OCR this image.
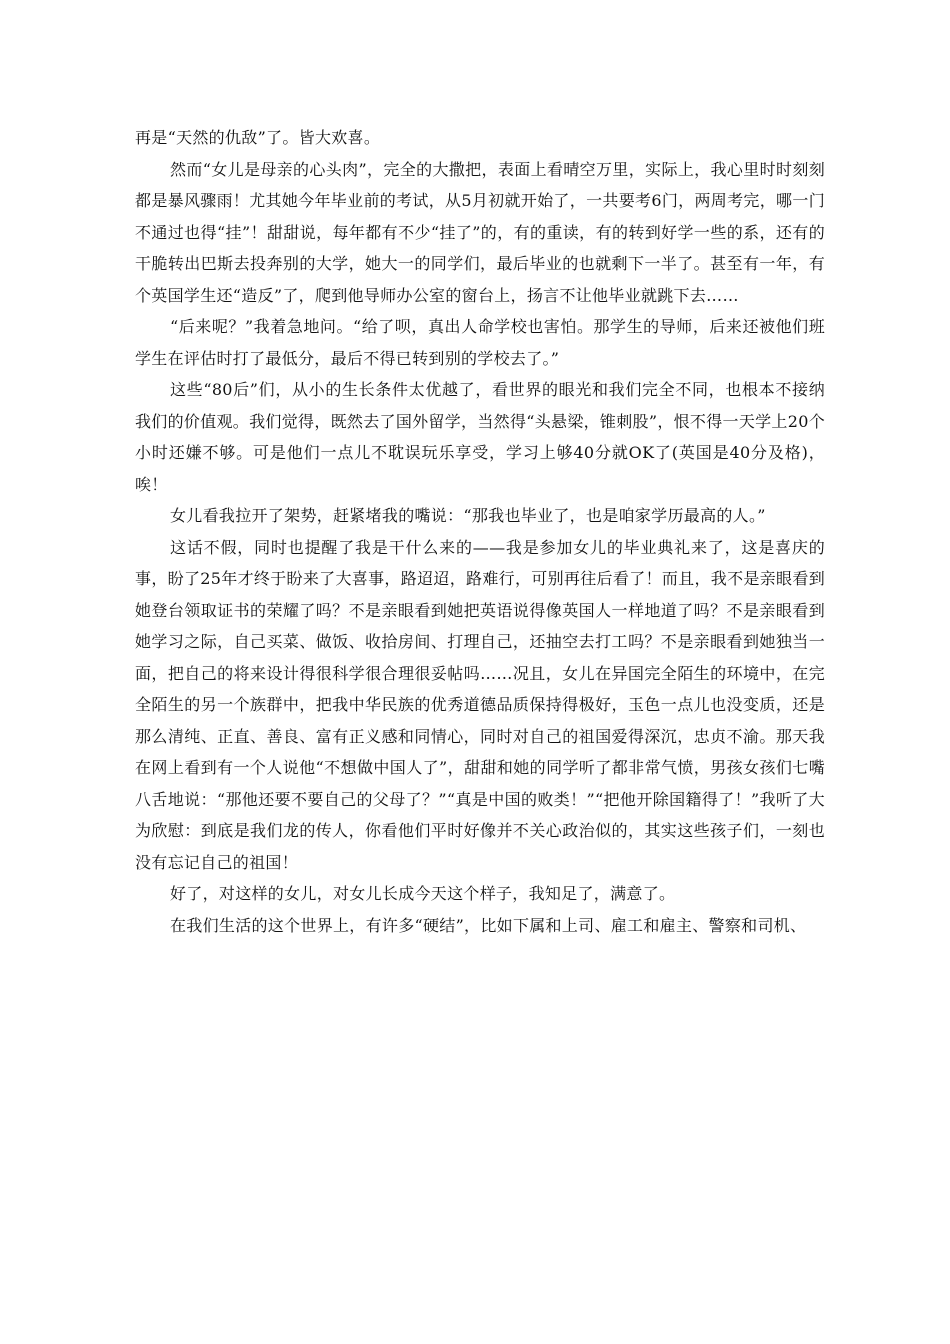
再是“天然的仇敌”了。皆大欢喜。

然而“女儿是母亲的心头肉”，完全的大撒把，表面上看晴空万里，实际上，我心里时时刻刻都是暴风骤雨！尤其她今年毕业前的考试，从5月初就开始了，一共要考6门，两周考完，哪一门不通过也得“挂”！甜甜说，每年都有不少“挂了”的，有的重读，有的转到好学一些的系，还有的干脆转出巴斯去投奔别的大学，她大一的同学们，最后毕业的也就剩下一半了。甚至有一年，有个英国学生还“造反”了，爬到他导师办公室的窗台上，扬言不让他毕业就跳下去……

“后来呢？”我着急地问。“给了呗，真出人命学校也害怕。那学生的导师，后来还被他们班学生在评估时打了最低分，最后不得已转到别的学校去了。”

这些“80后”们，从小的生长条件太优越了，看世界的眼光和我们完全不同，也根本不接纳我们的价值观。我们觉得，既然去了国外留学，当然得“头悬梁，锥刺股”，恨不得一天学上20个小时还嫌不够。可是他们一点儿不耽误玩乐享受，学习上够40分就OK了(英国是40分及格)，唉！

女儿看我拉开了架势，赶紧堵我的嘴说：“那我也毕业了，也是咱家学历最高的人。”

这话不假，同时也提醒了我是干什么来的——我是参加女儿的毕业典礼来了，这是喜庆的事，盼了25年才终于盼来了大喜事，路迢迢，路难行，可别再往后看了！而且，我不是亲眼看到她登台领取证书的荣耀了吗？不是亲眼看到她把英语说得像英国人一样地道了吗？不是亲眼看到她学习之际，自己买菜、做饭、收拾房间、打理自己，还抽空去打工吗？不是亲眼看到她独当一面，把自己的将来设计得很科学很合理很妥帖吗……况且，女儿在异国完全陌生的环境中，在完全陌生的另一个族群中，把我中华民族的优秀道德品质保持得极好，玉色一点儿也没变质，还是那么清纯、正直、善良、富有正义感和同情心，同时对自己的祖国爱得深沉，忠贞不渝。那天我在网上看到有一个人说他“不想做中国人了”，甜甜和她的同学听了都非常气愤，男孩女孩们七嘴八舌地说：“那他还要不要自己的父母了？”“真是中国的败类！”“把他开除国籍得了！”我听了大为欣慰：到底是我们龙的传人，你看他们平时好像并不关心政治似的，其实这些孩子们，一刻也没有忘记自己的祖国！

好了，对这样的女儿，对女儿长成今天这个样子，我知足了，满意了。

在我们生活的这个世界上，有许多“硬结”，比如下属和上司、雇工和雇主、警察和司机、
